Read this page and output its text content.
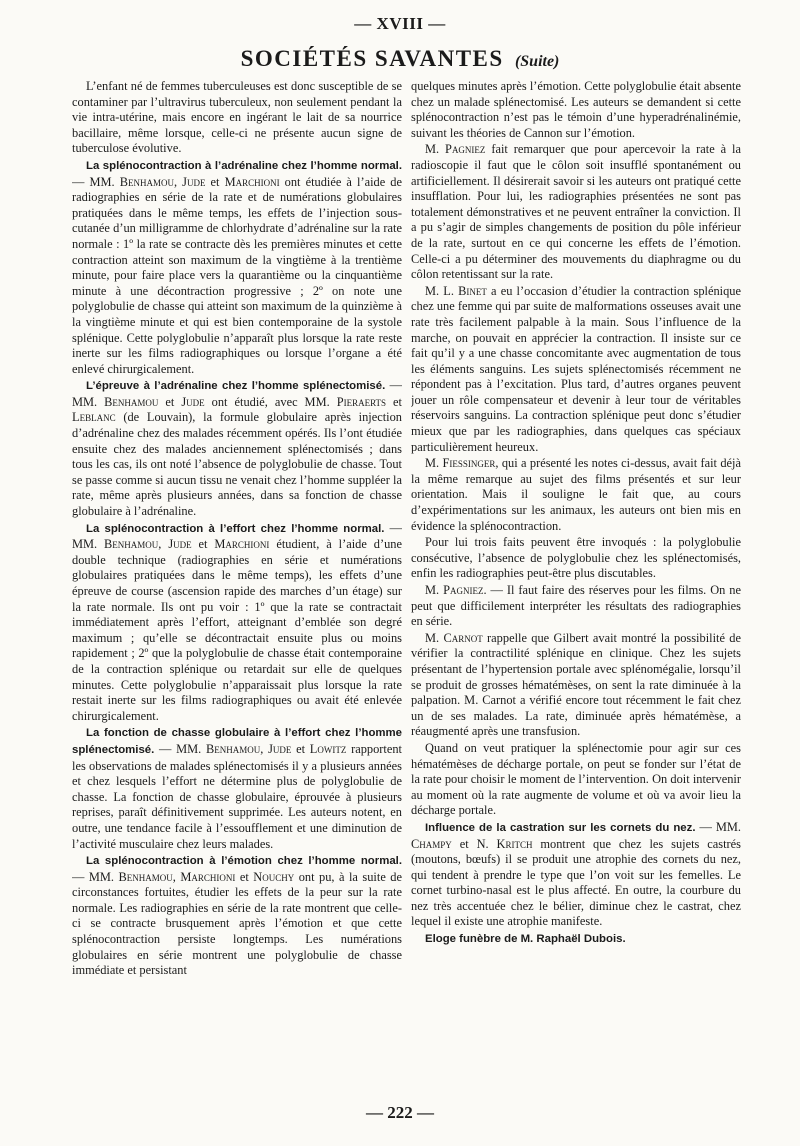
— XVIII —
SOCIÉTÉS SAVANTES (Suite)

L’enfant né de femmes tuberculeuses est donc susceptible de se contaminer par l’ultravirus tuberculeux, non seulement pendant la vie intra-utérine, mais encore en ingérant le lait de sa nourrice bacillaire, même lorsque, celle-ci ne présente aucun signe de tuberculose évolutive.

La splénocontraction à l’adrénaline chez l’homme normal. — MM. Benhamou, Jude et Marchioni ont étudiée à l’aide de radiographies en série de la rate et de numérations globulaires pratiquées dans le même temps, les effets de l’injection sous-cutanée d’un milligramme de chlorhydrate d’adrénaline sur la rate normale : 1º la rate se contracte dès les premières minutes et cette contraction atteint son maximum de la vingtième à la trentième minute, pour faire place vers la quarantième ou la cinquantième minute à une décontraction progressive ; 2º on note une polyglobulie de chasse qui atteint son maximum de la quinzième à la vingtième minute et qui est bien contemporaine de la systole splénique. Cette polyglobulie n’apparaît plus lorsque la rate reste inerte sur les films radiographiques ou lorsque l’organe a été enlevé chirurgicalement.

L’épreuve à l’adrénaline chez l’homme splénectomisé. — MM. Benhamou et Jude ont étudié, avec MM. Pieraerts et Leblanc (de Louvain), la formule globulaire après injection d’adrénaline chez des malades récemment opérés. Ils l’ont étudiée ensuite chez des malades anciennement splénectomisés ; dans tous les cas, ils ont noté l’absence de polyglobulie de chasse. Tout se passe comme si aucun tissu ne venait chez l’homme suppléer la rate, même après plusieurs années, dans sa fonction de chasse globulaire à l’adrénaline.

La splénocontraction à l’effort chez l’homme normal. — MM. Benhamou, Jude et Marchioni étudient, à l’aide d’une double technique (radiographies en série et numérations globulaires pratiquées dans le même temps), les effets d’une épreuve de course (ascension rapide des marches d’un étage) sur la rate normale. Ils ont pu voir : 1º que la rate se contractait immédiatement après l’effort, atteignant d’emblée son degré maximum ; qu’elle se décontractait ensuite plus ou moins rapidement ; 2º que la polyglobulie de chasse était contemporaine de la contraction splénique ou retardait sur elle de quelques minutes. Cette polyglobulie n’apparaissait plus lorsque la rate restait inerte sur les films radiographiques ou avait été enlevée chirurgicalement.

La fonction de chasse globulaire à l’effort chez l’homme splénectomisé. — MM. Benhamou, Jude et Lowitz rapportent les observations de malades splénectomisés il y a plusieurs années et chez lesquels l’effort ne détermine plus de polyglobulie de chasse. La fonction de chasse globulaire, éprouvée à plusieurs reprises, paraît définitivement supprimée. Les auteurs notent, en outre, une tendance facile à l’essoufflement et une diminution de l’activité musculaire chez leurs malades.

La splénocontraction à l’émotion chez l’homme normal. — MM. Benhamou, Marchioni et Nouchy ont pu, à la suite de circonstances fortuites, étudier les effets de la peur sur la rate normale. Les radiographies en série de la rate montrent que celle-ci se contracte brusquement après l’émotion et que cette splénocontraction persiste longtemps. Les numérations globulaires en série montrent une polyglobulie de chasse immédiate et persistant

quelques minutes après l’émotion. Cette polyglobulie était absente chez un malade splénectomisé. Les auteurs se demandent si cette splénocontraction n’est pas le témoin d’une hyperadrénalinémie, suivant les théories de Cannon sur l’émotion.

M. Pagniez fait remarquer que pour apercevoir la rate à la radioscopie il faut que le côlon soit insufflé spontanément ou artificiellement. Il désirerait savoir si les auteurs ont pratiqué cette insufflation. Pour lui, les radiographies présentées ne sont pas totalement démonstratives et ne peuvent entraîner la conviction. Il a pu s’agir de simples changements de position du pôle inférieur de la rate, surtout en ce qui concerne les effets de l’émotion. Celle-ci a pu déterminer des mouvements du diaphragme ou du côlon retentissant sur la rate.

M. L. Binet a eu l’occasion d’étudier la contraction splénique chez une femme qui par suite de malformations osseuses avait une rate très facilement palpable à la main. Sous l’influence de la marche, on pouvait en apprécier la contraction. Il insiste sur ce fait qu’il y a une chasse concomitante avec augmentation de tous les éléments sanguins. Les sujets splénectomisés récemment ne répondent pas à l’excitation. Plus tard, d’autres organes peuvent jouer un rôle compensateur et devenir à leur tour de véritables réservoirs sanguins. La contraction splénique peut donc s’étudier mieux que par les radiographies, dans quelques cas spéciaux particulièrement heureux.

M. Fiessinger, qui a présenté les notes ci-dessus, avait fait déjà la même remarque au sujet des films présentés et sur leur orientation. Mais il souligne le fait que, au cours d’expérimentations sur les animaux, les auteurs ont bien mis en évidence la splénocontraction.

Pour lui trois faits peuvent être invoqués : la polyglobulie consécutive, l’absence de polyglobulie chez les splénectomisés, enfin les radiographies peut-être plus discutables.

M. Pagniez. — Il faut faire des réserves pour les films. On ne peut que difficilement interpréter les résultats des radiographies en série.

M. Carnot rappelle que Gilbert avait montré la possibilité de vérifier la contractilité splénique en clinique. Chez les sujets présentant de l’hypertension portale avec splénomégalie, lorsqu’il se produit de grosses hématémèses, on sent la rate diminuée à la palpation. M. Carnot a vérifié encore tout récemment le fait chez un de ses malades. La rate, diminuée après hématémèse, a réaugmenté après une transfusion.

Quand on veut pratiquer la splénectomie pour agir sur ces hématémèses de décharge portale, on peut se fonder sur l’état de la rate pour choisir le moment de l’intervention. On doit intervenir au moment où la rate augmente de volume et où va avoir lieu la décharge portale.

Influence de la castration sur les cornets du nez. — MM. Champy et N. Kritch montrent que chez les sujets castrés (moutons, bœufs) il se produit une atrophie des cornets du nez, qui tendent à prendre le type que l’on voit sur les femelles. Le cornet turbino-nasal est le plus affecté. En outre, la courbure du nez très accentuée chez le bélier, diminue chez le castrat, chez lequel il existe une atrophie manifeste.

Eloge funèbre de M. Raphaël Dubois.

— 222 —
